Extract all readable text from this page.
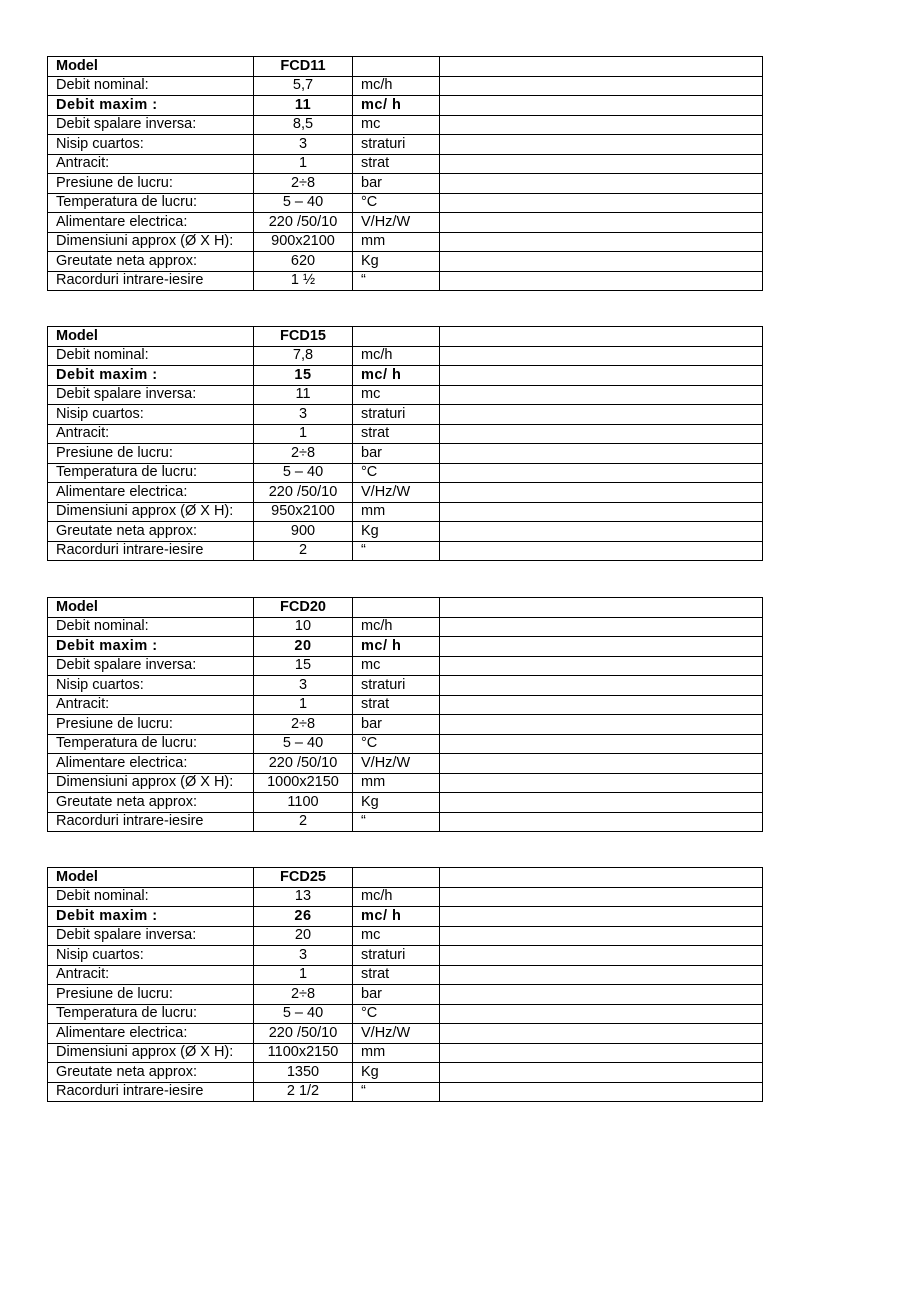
Model	FCD11		
Debit nominal:	5,7	mc/h	
Debit maxim :	11	mc/ h	
Debit spalare inversa:	8,5	mc	
Nisip cuartos:	3	straturi	
Antracit:	1	strat	
Presiune de lucru:	2÷8	bar	
Temperatura de lucru:	5 – 40	°C	
Alimentare electrica:	220 /50/10	V/Hz/W	
Dimensiuni approx (Ø X H):	900x2100	mm	
Greutate neta approx:	620	Kg	
Racorduri intrare-iesire	1 ½	“	
Model	FCD15		
Debit nominal:	7,8	mc/h	
Debit maxim :	15	mc/ h	
Debit spalare inversa:	11	mc	
Nisip cuartos:	3	straturi	
Antracit:	1	strat	
Presiune de lucru:	2÷8	bar	
Temperatura de lucru:	5 – 40	°C	
Alimentare electrica:	220 /50/10	V/Hz/W	
Dimensiuni approx (Ø X H):	950x2100	mm	
Greutate neta approx:	900	Kg	
Racorduri intrare-iesire	2	“	
Model	FCD20		
Debit nominal:	10	mc/h	
Debit maxim :	20	mc/ h	
Debit spalare inversa:	15	mc	
Nisip cuartos:	3	straturi	
Antracit:	1	strat	
Presiune de lucru:	2÷8	bar	
Temperatura de lucru:	5 – 40	°C	
Alimentare electrica:	220 /50/10	V/Hz/W	
Dimensiuni approx (Ø X H):	1000x2150	mm	
Greutate neta approx:	1100	Kg	
Racorduri intrare-iesire	2	“	
Model	FCD25		
Debit nominal:	13	mc/h	
Debit maxim :	26	mc/ h	
Debit spalare inversa:	20	mc	
Nisip cuartos:	3	straturi	
Antracit:	1	strat	
Presiune de lucru:	2÷8	bar	
Temperatura de lucru:	5 – 40	°C	
Alimentare electrica:	220 /50/10	V/Hz/W	
Dimensiuni approx (Ø X H):	1100x2150	mm	
Greutate neta approx:	1350	Kg	
Racorduri intrare-iesire	2 1/2	“	
